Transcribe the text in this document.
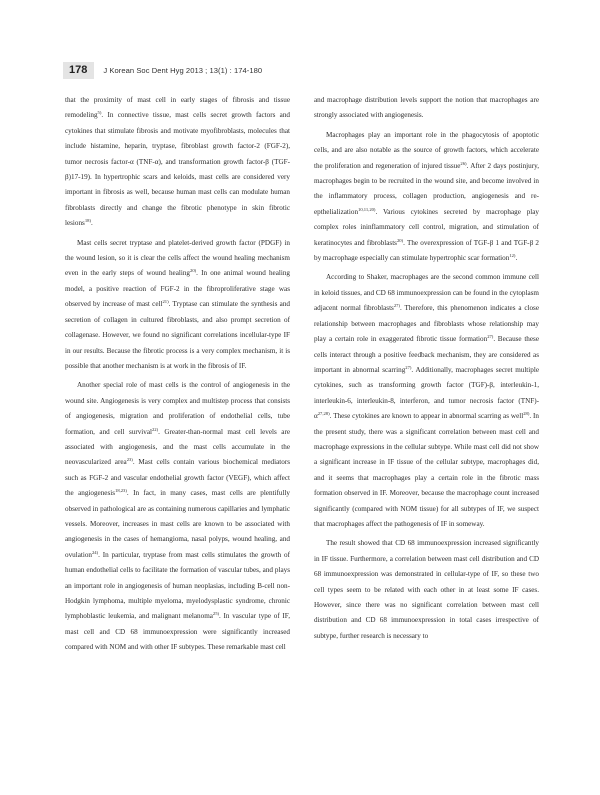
178	J Korean Soc Dent Hyg 2013 ; 13(1) : 174-180

that the proximity of mast cell in early stages of fibrosis and tissue remodeling$^{5)}$. In connective tissue, mast cells secret growth factors and cytokines that stimulate fibrosis and motivate myofibroblasts, molecules that include histamine, heparin, tryptase, fibroblast growth factor-2 (FGF-2), tumor necrosis factor-α (TNF-α), and transformation growth factor-β (TGF-β)17-19). In hypertrophic scars and keloids, mast cells are considered very important in fibrosis as well, because human mast cells can modulate human fibroblasts directly and change the fibrotic phenotype in skin fibrotic lesions$^{18)}$.

Mast cells secret tryptase and platelet-derived growth factor (PDGF) in the wound lesion, so it is clear the cells affect the wound healing mechanism even in the early steps of wound healing$^{20)}$. In one animal wound healing model, a positive reaction of FGF-2 in the fibroproliferative stage was observed by increase of mast cell$^{21)}$. Tryptase can stimulate the synthesis and secretion of collagen in cultured fibroblasts, and also prompt secretion of collagenase. However, we found no significant correlations incellular-type IF in our results. Because the fibrotic process is a very complex mechanism, it is possible that another mechanism is at work in the fibrosis of IF.

Another special role of mast cells is the control of angiogenesis in the wound site. Angiogenesis is very complex and multistep process that consists of angiogenesis, migration and proliferation of endothelial cells, tube formation, and cell survival$^{22)}$. Greater-than-normal mast cell levels are associated with angiogenesis, and the mast cells accumulate in the neovascularized area$^{23)}$. Mast cells contain various biochemical mediators such as FGF-2 and vascular endothelial growth factor (VEGF), which affect the angiogenesis$^{18,23)}$. In fact, in many cases, mast cells are plentifully observed in pathological are as containing numerous capillaries and lymphatic vessels. Moreover, increases in mast cells are known to be associated with angiogenesis in the cases of hemangioma, nasal polyps, wound healing, and ovulation$^{24)}$. In particular, tryptase from mast cells stimulates the growth of human endothelial cells to facilitate the formation of vascular tubes, and plays an important role in angiogenesis of human neoplasias, including B-cell non-Hodgkin lymphoma, multiple myeloma, myelodysplastic syndrome, chronic lymphoblastic leukemia, and malignant melanoma$^{25)}$. In vascular type of IF, mast cell and CD 68 immunoexpression were significantly increased compared with NOM and with other IF subtypes. These remarkable mast cell

and macrophage distribution levels support the notion that macrophages are strongly associated with angiogenesis.

Macrophages play an important role in the phagocytosis of apoptotic cells, and are also notable as the source of growth factors, which accelerate the proliferation and regeneration of injured tissue$^{26)}$. After 2 days postinjury, macrophages begin to be recruited in the wound site, and become involved in the inflammatory process, collagen production, angiogenesis and re-epthelialization$^{10,11,20)}$. Various cytokines secreted by macrophage play complex roles ininflammatory cell control, migration, and stimulation of keratinocytes and fibroblasts$^{20)}$. The overexpression of TGF-β 1 and TGF-β 2 by macrophage especially can stimulate hypertrophic scar formation$^{12)}$.

According to Shaker, macrophages are the second common immune cell in keloid tissues, and CD 68 immunoexpression can be found in the cytoplasm adjacent normal fibroblasts$^{27)}$. Therefore, this phenomenon indicates a close relationship between macrophages and fibroblasts whose relationship may play a certain role in exaggerated fibrotic tissue formation$^{27)}$. Because these cells interact through a positive feedback mechanism, they are considered as important in abnormal scarring$^{27)}$. Additionally, macrophages secret multiple cytokines, such as transforming growth factor (TGF)-β, interleukin-1, interleukin-6, interleukin-8, interferon, and tumor necrosis factor $(TNF)-\alpha^{27,28)}$. These cytokines are known to appear in abnormal scarring as well$^{28)}$. In the present study, there was a significant correlation between mast cell and macrophage expressions in the cellular subtype. While mast cell did not show a significant increase in IF tissue of the cellular subtype, macrophages did, and it seems that macrophages play a certain role in the fibrotic mass formation observed in IF. Moreover, because the macrophage count increased significantly (compared with NOM tissue) for all subtypes of IF, we suspect that macrophages affect the pathogenesis of IF in someway.

The result showed that CD 68 immunoexpression increased significantly in IF tissue. Furthermore, a correlation between mast cell distribution and CD 68 immunoexpression was demonstrated in cellular-type of IF, so these two cell types seem to be related with each other in at least some IF cases. However, since there was no significant correlation between mast cell distribution and CD 68 immunoexpression in total cases irrespective of subtype, further research is necessary to
